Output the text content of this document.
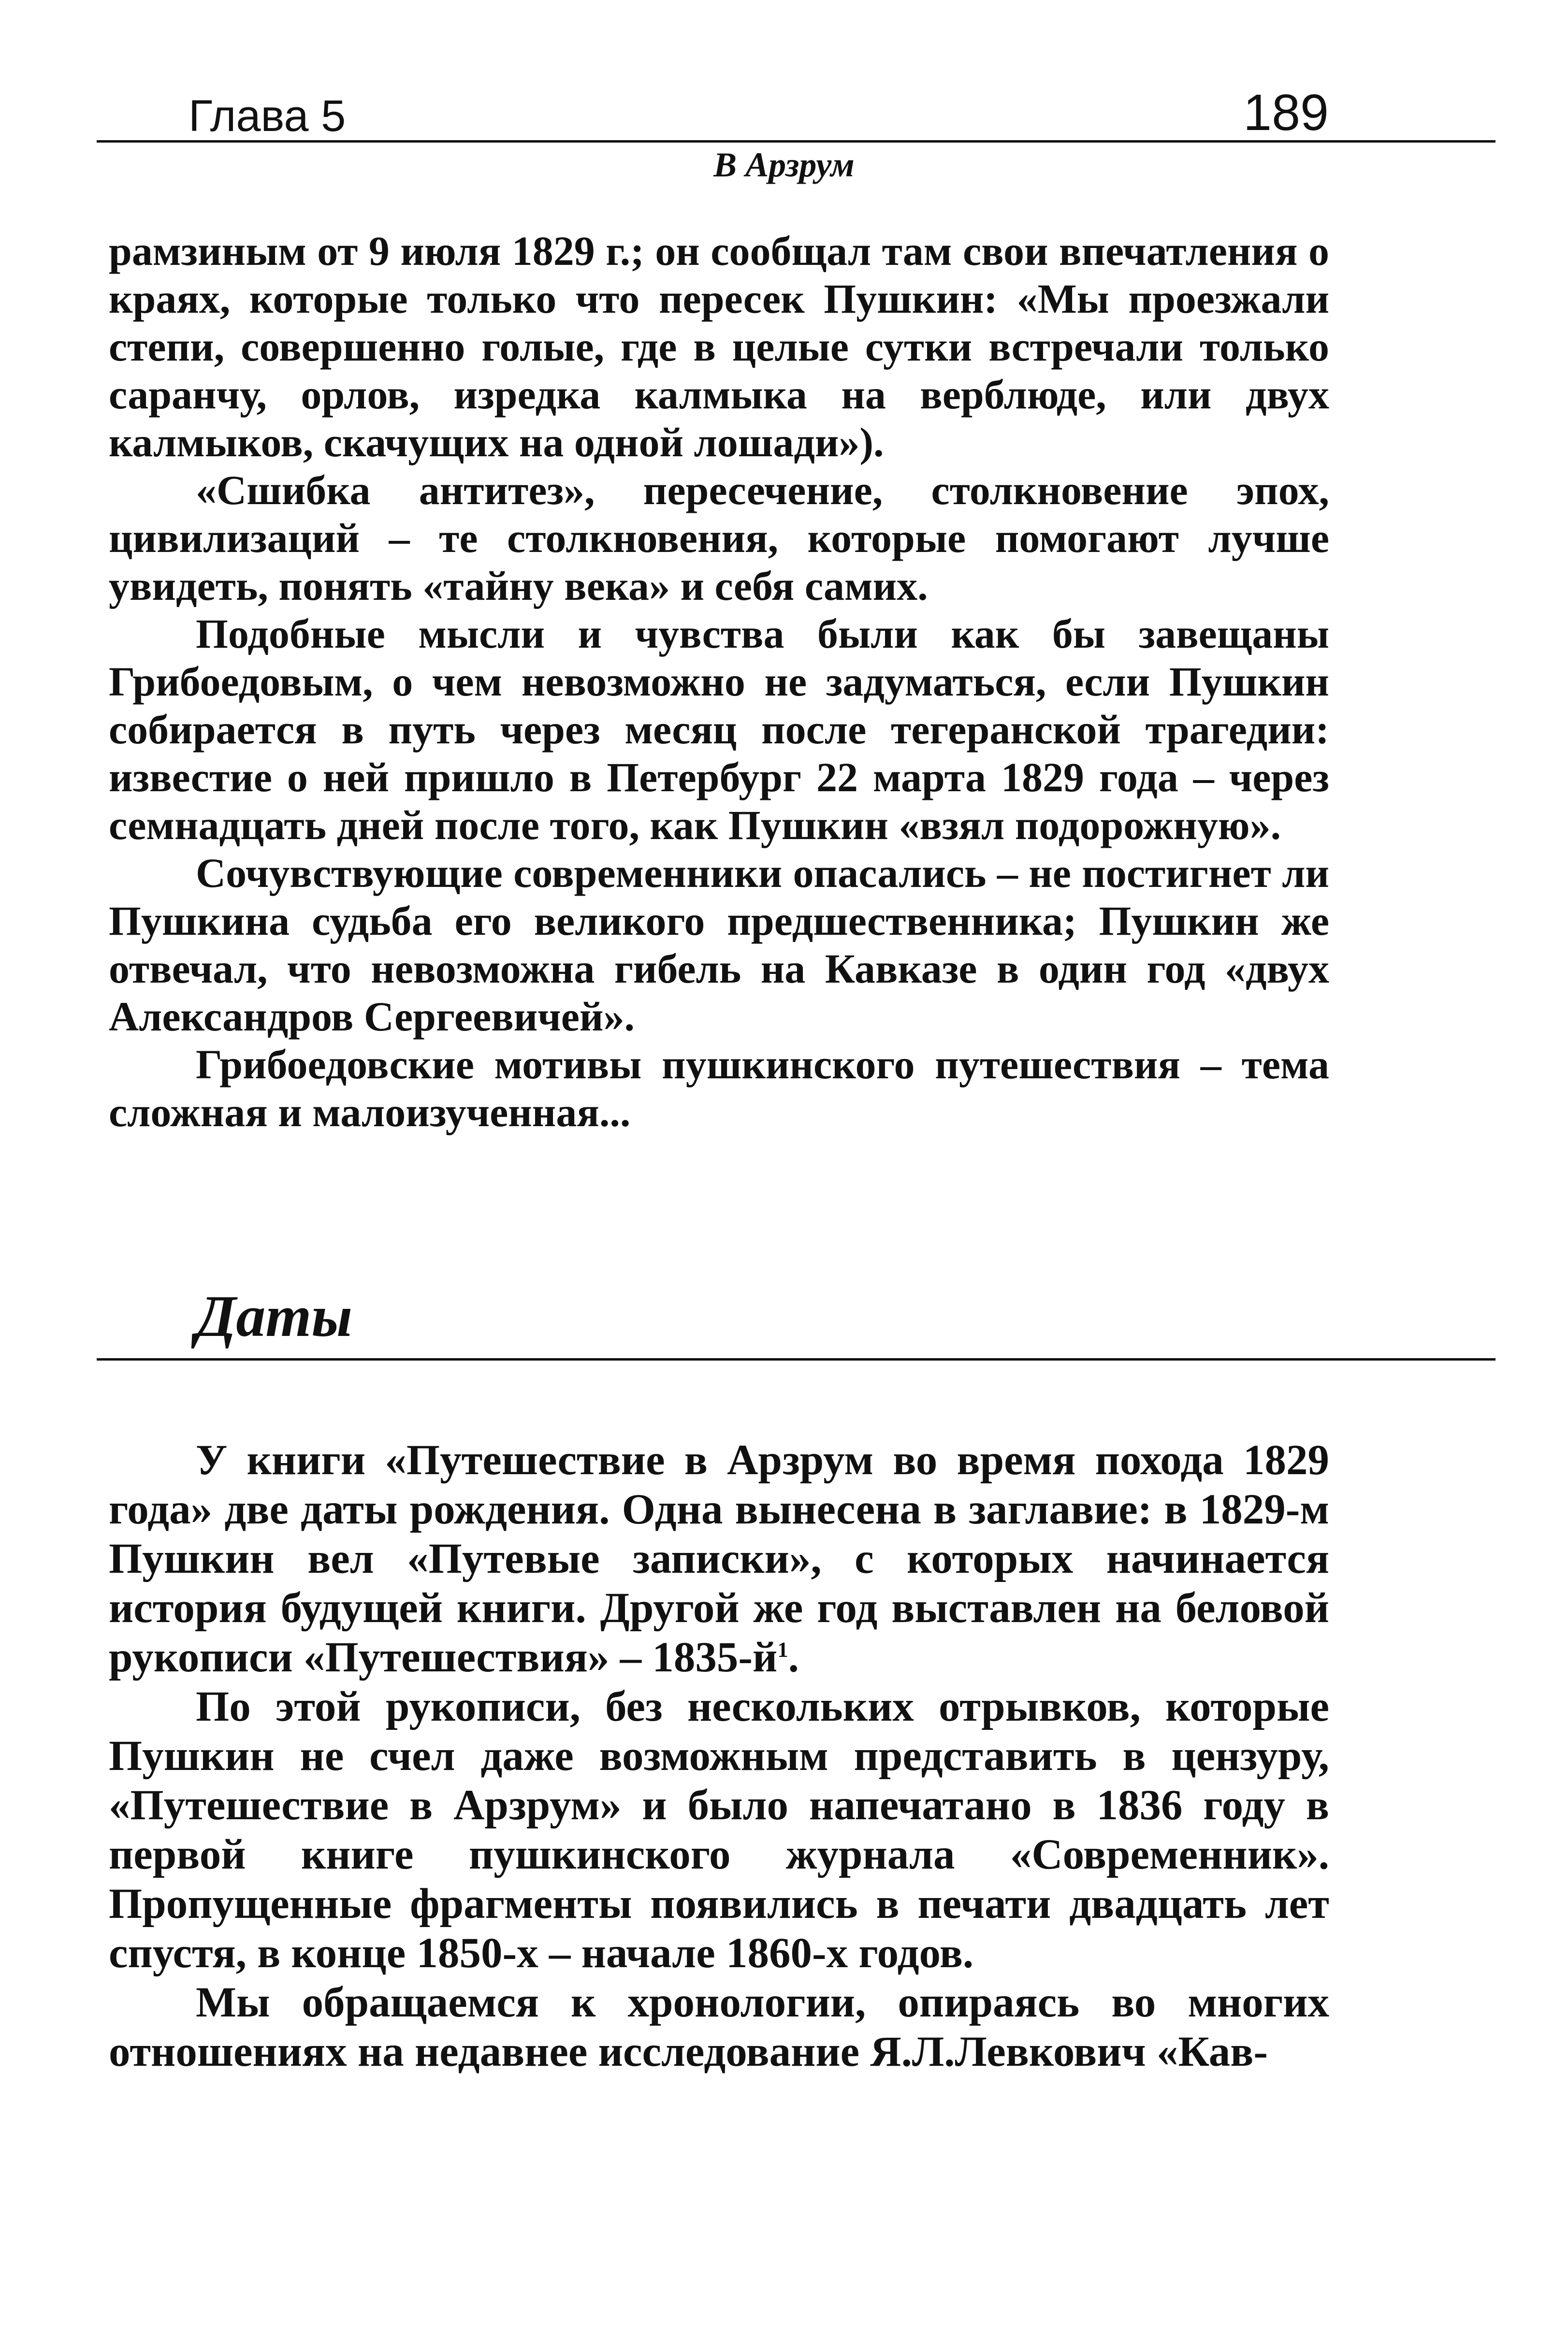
Глава 5	189
В Арзрум

рамзиным от 9 июля 1829 г.; он сообщал там свои впечатления о краях, которые только что пересек Пушкин: «Мы проезжали степи, совершенно голые, где в целые сутки встречали только саранчу, орлов, изредка калмыка на верблюде, или двух калмыков, скачущих на одной лошади»).

«Сшибка антитез», пересечение, столкновение эпох, цивилизаций – те столкновения, которые помогают лучше увидеть, понять «тайну века» и себя самих.

Подобные мысли и чувства были как бы завещаны Грибоедовым, о чем невозможно не задуматься, если Пушкин собирается в путь через месяц после тегеранской трагедии: известие о ней пришло в Петербург 22 марта 1829 года – через семнадцать дней после того, как Пушкин «взял подорожную».

Сочувствующие современники опасались – не постигнет ли Пушкина судьба его великого предшественника; Пушкин же отвечал, что невозможна гибель на Кавказе в один год «двух Александров Сергеевичей».

Грибоедовские мотивы пушкинского путешествия – тема сложная и малоизученная...

Даты

У книги «Путешествие в Арзрум во время похода 1829 года» две даты рождения. Одна вынесена в заглавие: в 1829-м Пушкин вел «Путевые записки», с которых начинается история будущей книги. Другой же год выставлен на беловой рукописи «Путешествия» – $1835-й^1$.

По этой рукописи, без нескольких отрывков, которые Пушкин не счел даже возможным представить в цензуру, «Путешествие в Арзрум» и было напечатано в 1836 году в первой книге пушкинского журнала «Современник». Пропущенные фрагменты появились в печати двадцать лет спустя, в конце 1850-х – начале 1860-х годов.

Мы обращаемся к хронологии, опираясь во многих отношениях на недавнее исследование Я.Л.Левкович «Кав-
